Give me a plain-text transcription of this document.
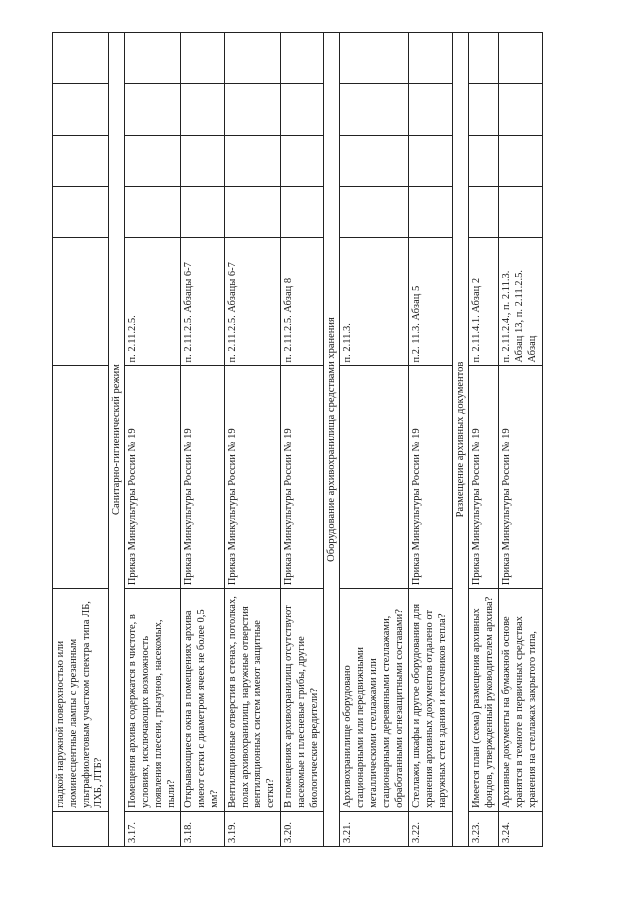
	гладкой наружной поверхностью или люминесцентные лампы с урезанным ультрафиолетовым участком спектра типа ЛБ, ЛХБ, ЛТБ?						
Санитарно-гигиенический режим							
3.17.	Помещения архива содержатся в чистоте, в условиях, исключающих возможность появления плесени, грызунов, насекомых, пыли?	Приказ Минкультуры России № 19	п. 2.11.2.5.				
3.18.	Открывающиеся окна в помещениях архива имеют сетки с диаметром ячеек не более 0,5 мм?	Приказ Минкультуры России № 19	п. 2.11.2.5. Абзацы 6-7				
3.19.	Вентиляционные отверстия в стенах, потолках, полах архивохранилищ, наружные отверстия вентиляционных систем имеют защитные сетки?	Приказ Минкультуры России № 19	п. 2.11.2.5. Абзацы 6-7				
3.20.	В помещениях архивохранилищ отсутствуют насекомые и плесневые грибы, другие биологические вредители?	Приказ Минкультуры России № 19	п. 2.11.2.5. Абзац 8				
Оборудование архивохранилища средствами хранения							
3.21.	Архивохранилище оборудовано стационарными или передвижными металлическими стеллажами или стационарными деревянными стеллажами, обработанными огнезащитными составами?		п. 2.11.3.				
3.22.	Стеллажи, шкафы и другое оборудования для хранения архивных документов отдалено от наружных стен здания и источников тепла?	Приказ Минкультуры России № 19	п.2. 11.3. Абзац 5				
Размещение архивных документов							
3.23.	Имеется план (схема) размещения архивных фондов, утвержденный руководителем архива?	Приказ Минкультуры России № 19	п. 2.11.4.1. Абзац 2				
3.24.	Архивные документы на бумажной основе хранятся в темноте в первичных средствах хранения на стеллажах закрытого типа,	Приказ Минкультуры России № 19	п. 2.11.2.4., п. 2.11.3. Абзац 13, п. 2.11.2.5. Абзац				
